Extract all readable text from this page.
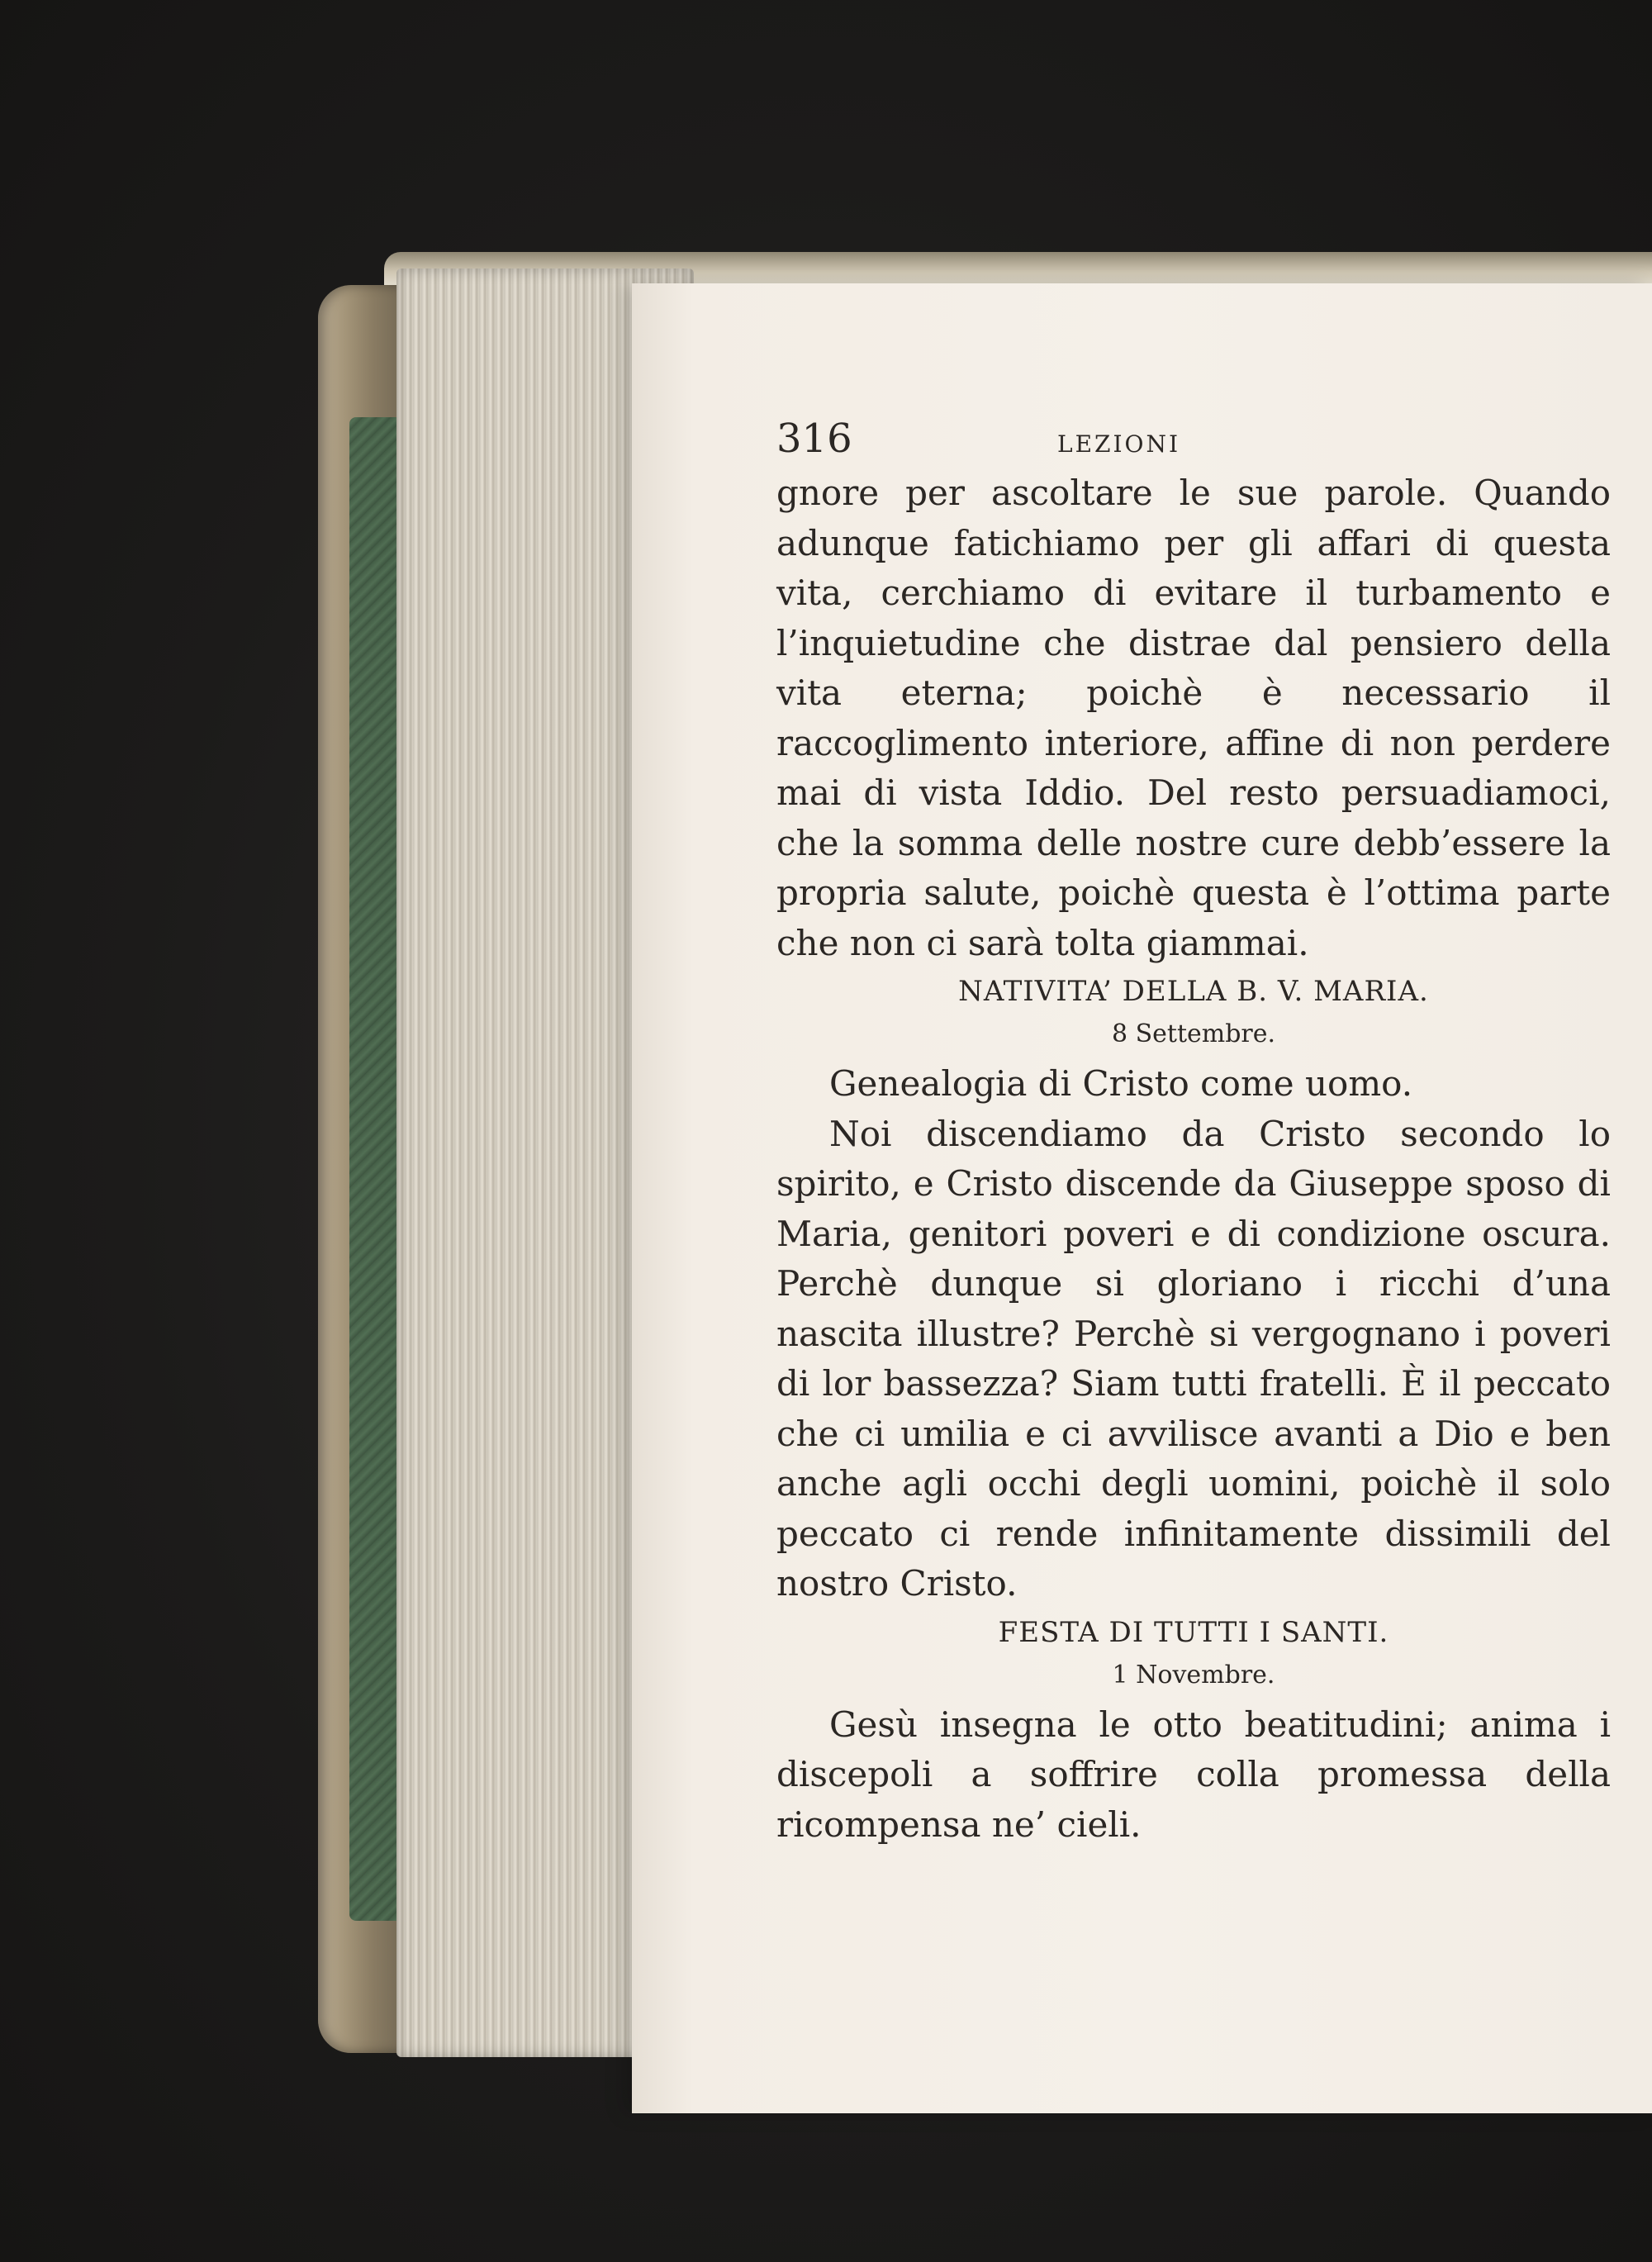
316	LEZIONI

gnore per ascoltare le sue parole. Quando adunque fatichiamo per gli affari di questa vita, cerchiamo di evitare il turbamento e l’inquietudine che distrae dal pensiero della vita eterna; poichè è necessario il raccoglimento interiore, affine di non perdere mai di vista Iddio. Del resto persuadiamoci, che la somma delle nostre cure debb’essere la propria salute, poichè questa è l’ottima parte che non ci sarà tolta giammai.

NATIVITA’ DELLA B. V. MARIA.

8 Settembre.

Genealogia di Cristo come uomo.

Noi discendiamo da Cristo secondo lo spirito, e Cristo discende da Giuseppe sposo di Maria, genitori poveri e di condizione oscura. Perchè dunque si gloriano i ricchi d’una nascita illustre? Perchè si vergognano i poveri di lor bassezza? Siam tutti fratelli. È il peccato che ci umilia e ci avvilisce avanti a Dio e ben anche agli occhi degli uomini, poichè il solo peccato ci rende infinitamente dissimili del nostro Cristo.

FESTA DI TUTTI I SANTI.

1 Novembre.

Gesù insegna le otto beatitudini; anima i discepoli a soffrire colla promessa della ricompensa ne’ cieli.
